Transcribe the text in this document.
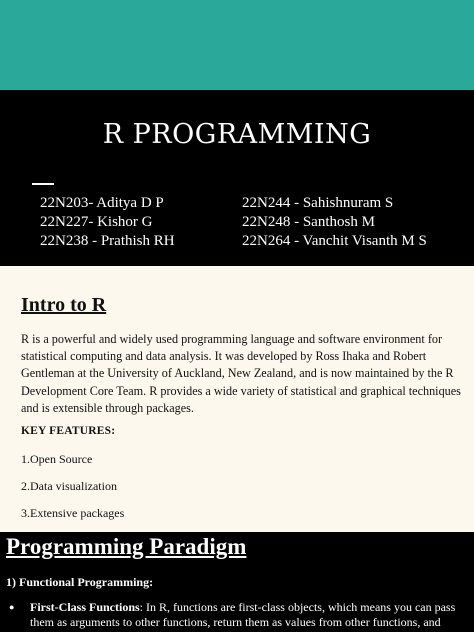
R PROGRAMMING
22N203- Aditya D P
22N227- Kishor G
22N238 - Prathish RH
22N244 - Sahishnuram S
22N248 - Santhosh M
22N264 - Vanchit Visanth M S
Intro to R
R is a powerful and widely used programming language and software environment for statistical computing and data analysis. It was developed by Ross Ihaka and Robert Gentleman at the University of Auckland, New Zealand, and is now maintained by the R Development Core Team. R provides a wide variety of statistical and graphical techniques and is extensible through packages.
KEY FEATURES:
1.Open Source
2.Data visualization
3.Extensive packages
Programming Paradigm
1) Functional Programming:
● First-Class Functions: In R, functions are first-class objects, which means you can pass them as arguments to other functions, return them as values from other functions, and
